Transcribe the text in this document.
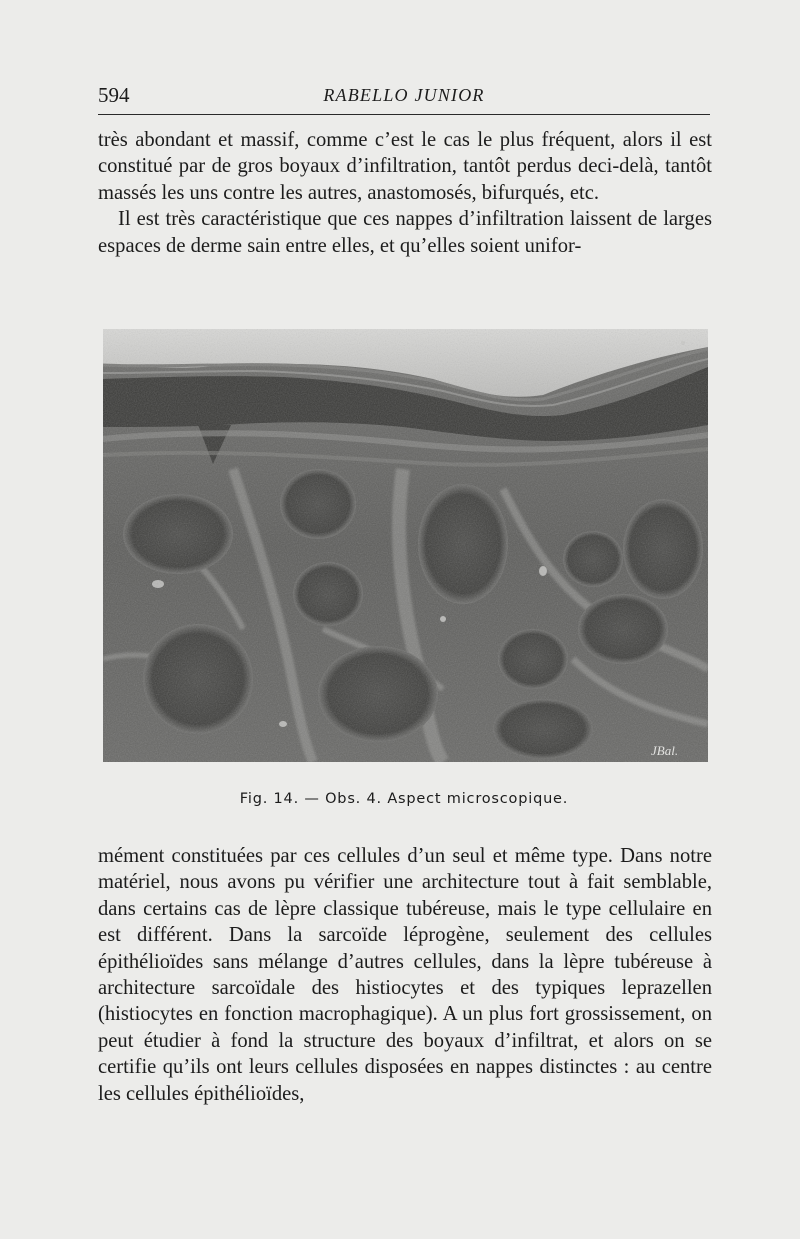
594	RABELLO JUNIOR

très abondant et massif, comme c’est le cas le plus fréquent, alors il est constitué par de gros boyaux d’infiltration, tantôt perdus deci-delà, tantôt massés les uns contre les autres, anastomosés, bifurqués, etc.

Il est très caractéristique que ces nappes d’infiltration laissent de larges espaces de derme sain entre elles, et qu’elles soient unifor-

JBal.
Fig. 14. — Obs. 4. Aspect microscopique.

mément constituées par ces cellules d’un seul et même type. Dans notre matériel, nous avons pu vérifier une architecture tout à fait semblable, dans certains cas de lèpre classique tubéreuse, mais le type cellulaire en est différent. Dans la sarcoïde léprogène, seulement des cellules épithélioïdes sans mélange d’autres cellules, dans la lèpre tubéreuse à architecture sarcoïdale des histiocytes et des typiques leprazellen (histiocytes en fonction macrophagique). A un plus fort grossissement, on peut étudier à fond la structure des boyaux d’infiltrat, et alors on se certifie qu’ils ont leurs cellules disposées en nappes distinctes : au centre les cellules épithélioïdes,
